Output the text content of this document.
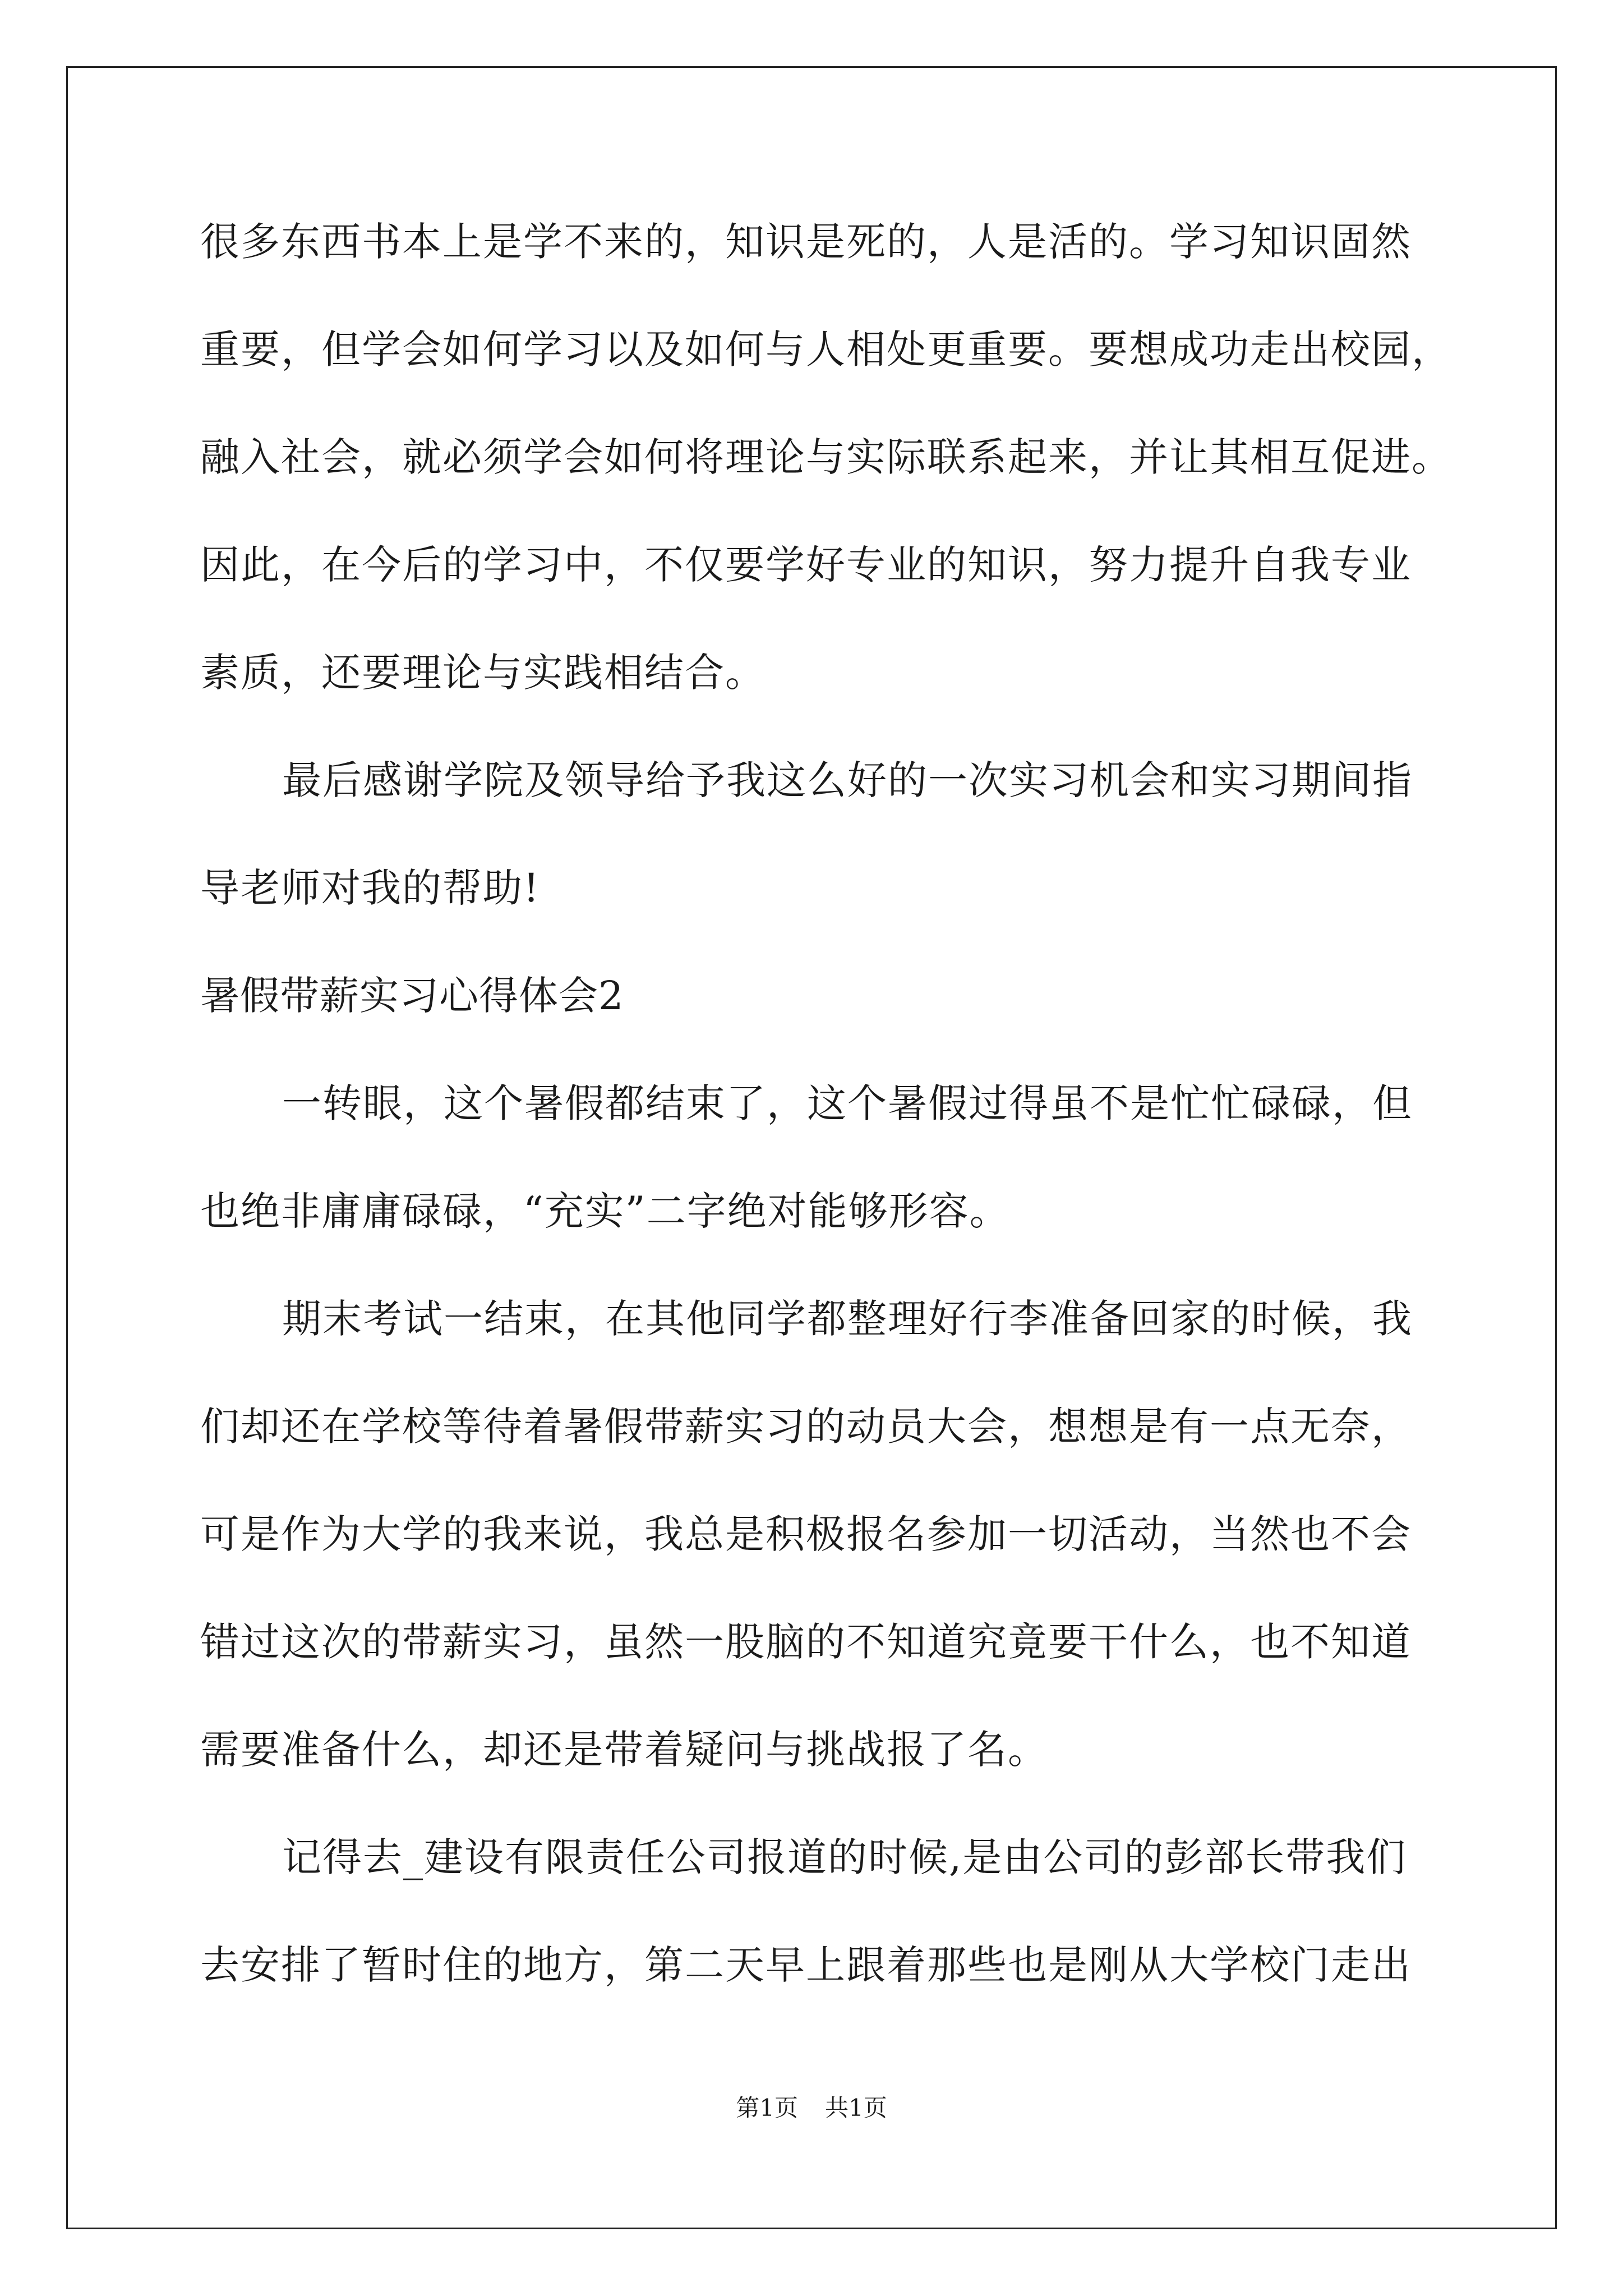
很多东西书本上是学不来的，知识是死的，人是活的。学习知识固然
重要，但学会如何学习以及如何与人相处更重要。要想成功走出校园，
融入社会，就必须学会如何将理论与实际联系起来，并让其相互促进。
因此，在今后的学习中，不仅要学好专业的知识，努力提升自我专业
素质，还要理论与实践相结合。
最后感谢学院及领导给予我这么好的一次实习机会和实习期间指
导老师对我的帮助!
暑假带薪实习心得体会2
一转眼，这个暑假都结束了，这个暑假过得虽不是忙忙碌碌，但
也绝非庸庸碌碌，“充实”二字绝对能够形容。
期末考试一结束，在其他同学都整理好行李准备回家的时候，我
们却还在学校等待着暑假带薪实习的动员大会，想想是有一点无奈，
可是作为大学的我来说，我总是积极报名参加一切活动，当然也不会
错过这次的带薪实习，虽然一股脑的不知道究竟要干什么，也不知道
需要准备什么，却还是带着疑问与挑战报了名。
记得去_建设有限责任公司报道的时候,是由公司的彭部长带我们
去安排了暂时住的地方，第二天早上跟着那些也是刚从大学校门走出
第1页 共1页
